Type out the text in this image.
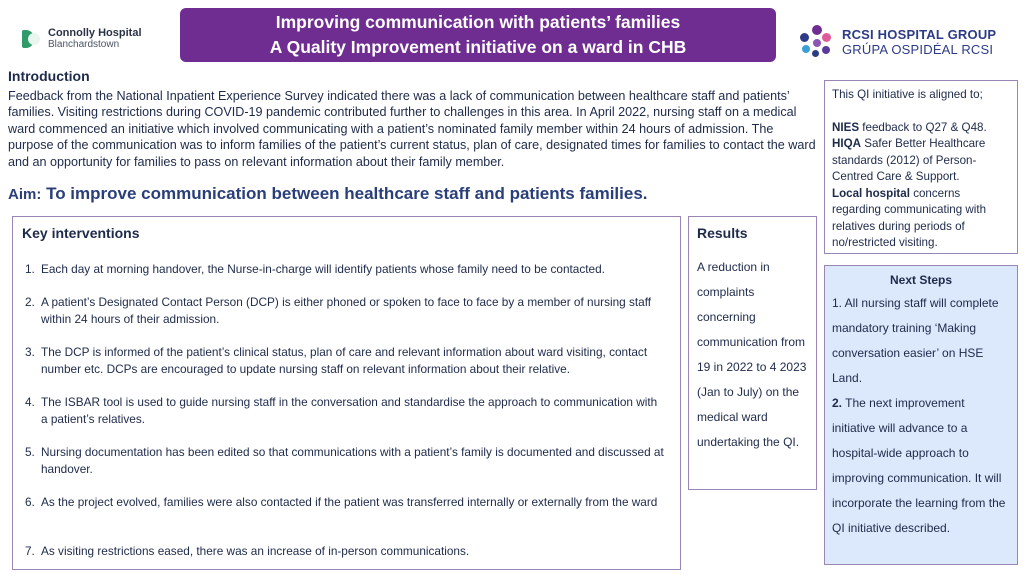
Connolly Hospital
Blanchardstown
Improving communication with patients’ families
A Quality Improvement initiative on a ward in CHB
RCSI HOSPITAL GROUP
GRÚPA OSPIDÉAL RCSI
Introduction
Feedback from the National Inpatient Experience Survey indicated there was a lack of communication between healthcare staff and patients’ families. Visiting restrictions during COVID-19 pandemic contributed further to challenges in this area. In April 2022, nursing staff on a medical ward commenced an initiative which involved communicating with a patient’s nominated family member within 24 hours of admission. The purpose of the communication was to inform families of the patient’s current status, plan of care, designated times for families to contact the ward and an opportunity for families to pass on relevant information about their family member.
Aim: To improve communication between healthcare staff and patients families.
This QI initiative is aligned to;
NIES feedback to Q27 & Q48.
HIQA Safer Better Healthcare standards (2012) of Person-Centred Care & Support.
Local hospital concerns regarding communicating with relatives during periods of no/restricted visiting.
Key interventions
1. Each day at morning handover, the Nurse-in-charge will identify patients whose family need to be contacted.
2. A patient’s Designated Contact Person (DCP) is either phoned or spoken to face to face by a member of nursing staff within 24 hours of their admission.
3. The DCP is informed of the patient’s clinical status, plan of care and relevant information about ward visiting, contact number etc. DCPs are encouraged to update nursing staff on relevant information about their relative.
4. The ISBAR tool is used to guide nursing staff in the conversation and standardise the approach to communication with a patient’s relatives.
5. Nursing documentation has been edited so that communications with a patient’s family is documented and discussed at handover.
6. As the project evolved, families were also contacted if the patient was transferred internally or externally from the ward
7. As visiting restrictions eased, there was an increase of in-person communications.
Results
A reduction in complaints concerning communication from 19 in 2022 to 4 2023 (Jan to July) on the medical ward undertaking the QI.
Next Steps
1. All nursing staff will complete mandatory training ‘Making conversation easier’ on HSE Land.
2. The next improvement initiative will advance to a hospital-wide approach to improving communication. It will incorporate the learning from the QI initiative described.
